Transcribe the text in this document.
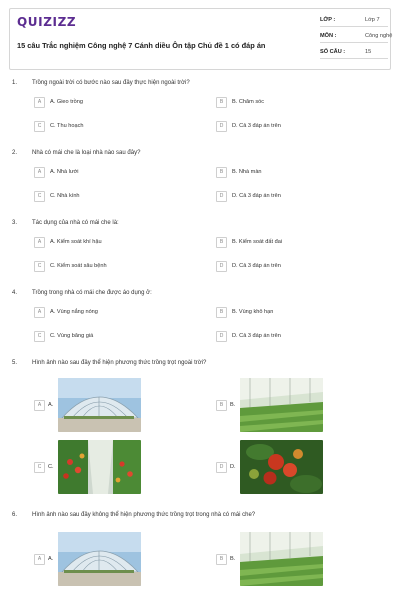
QUIZIZZ
15 câu Trắc nghiệm Công nghệ 7 Cánh diều Ôn tập Chủ đề 1 có đáp án
LỚP :	Lớp 7
MÔN :	Công nghệ
SỐ CÂU :	15
1. Trồng ngoài trời có bước nào sau đây thực hiện ngoài trời?
A	A. Gieo trồng	B	B. Chăm sóc
C	C. Thu hoạch	D	D. Cả 3 đáp án trên
2. Nhà có mái che là loại nhà nào sau đây?
A	A. Nhà lưới	B	B. Nhà màn
C	C. Nhà kính	D	D. Cả 3 đáp án trên
3. Tác dụng của nhà có mái che là:
A	A. Kiểm soát khí hậu	B	B. Kiểm soát đất đai
C	C. Kiểm soát sâu bệnh	D	D. Cả 3 đáp án trên
4. Trồng trong nhà có mái che được áo dụng ở:
A	A. Vùng nắng nóng	B	B. Vùng khô hạn
C	C. Vùng băng giá	D	D. Cả 3 đáp án trên
5. Hình ảnh nào sau đây thể hiện phương thức trồng trọt ngoài trời?
A	A.	B	B.
C	C.	D	D.
6. Hình ảnh nào sau đây không thể hiện phương thức trồng trọt trong nhà có mái che?
A	A.	B	B.
